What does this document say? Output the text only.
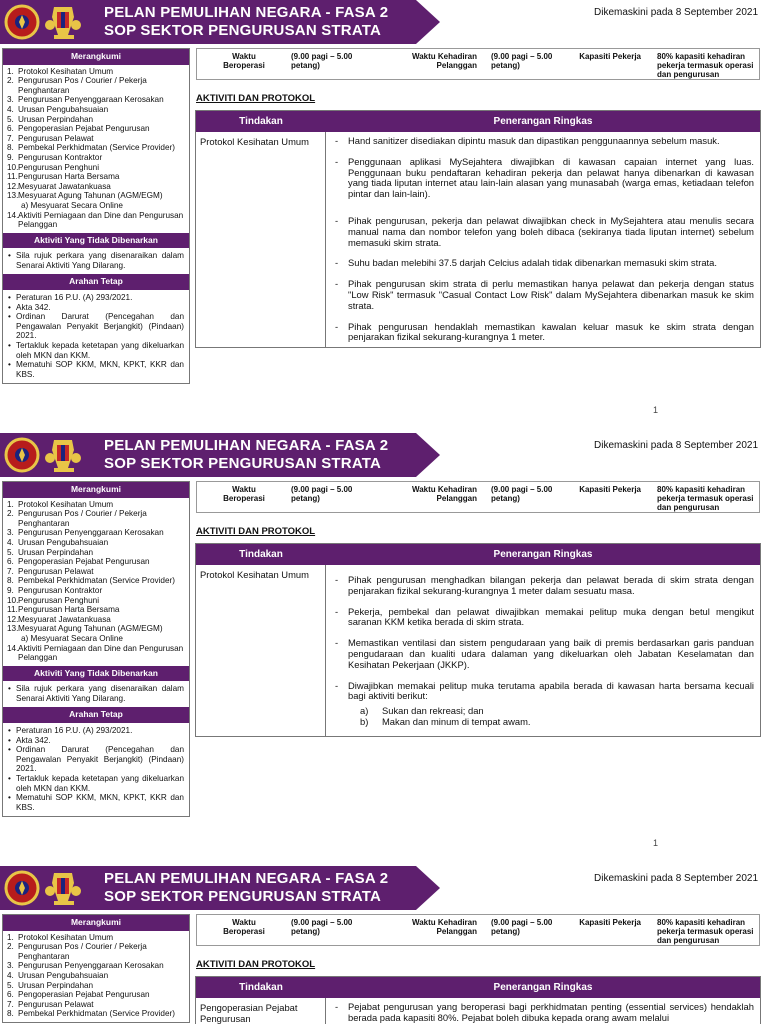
PELAN PEMULIHAN NEGARA - FASA 2
SOP SEKTOR PENGURUSAN STRATA
Dikemaskini pada 8 September 2021
Merangkumi
1. Protokol Kesihatan Umum
2. Pengurusan Pos / Courier / Pekerja Penghantaran
3. Pengurusan Penyenggaraan Kerosakan
4. Urusan Pengubahsuaian
5. Urusan Perpindahan
6. Pengoperasian Pejabat Pengurusan
7. Pengurusan Pelawat
8. Pembekal Perkhidmatan (Service Provider)
9. Pengurusan Kontraktor
10. Pengurusan Penghuni
11. Pengurusan Harta Bersama
12. Mesyuarat Jawatankuasa
13. Mesyuarat Agung Tahunan (AGM/EGM)
a) Mesyuarat Secara Online
14. Aktiviti Perniagaan dan Dine dan Pengurusan Pelanggan
Aktiviti Yang Tidak Dibenarkan
• Sila rujuk perkara yang disenaraikan dalam Senarai Aktiviti Yang Dilarang.
Arahan Tetap
• Peraturan 16 P.U. (A) 293/2021.
• Akta 342.
• Ordinan Darurat (Pencegahan dan Pengawalan Penyakit Berjangkit) (Pindaan) 2021.
• Tertakluk kepada ketetapan yang dikeluarkan oleh MKN dan KKM.
• Mematuhi SOP KKM, MKN, KPKT, KKR dan KBS.
Waktu Beroperasi
(9.00 pagi – 5.00 petang)
Waktu Kehadiran Pelanggan
(9.00 pagi – 5.00 petang)
Kapasiti Pekerja 80% kapasiti kehadiran pekerja termasuk operasi dan pengurusan
AKTIVITI DAN PROTOKOL
Tindakan	Penerangan Ringkas
Protokol Kesihatan Umum	- Hand sanitizer disediakan dipintu masuk dan dipastikan penggunaannya sebelum masuk.
- Penggunaan aplikasi MySejahtera diwajibkan di kawasan capaian internet yang luas. Penggunaan buku pendaftaran kehadiran pekerja dan pelawat hanya dibenarkan di kawasan yang tiada liputan internet atau lain-lain alasan yang munasabah (warga emas, ketiadaan telefon pintar dan lain-lain).
- Pihak pengurusan, pekerja dan pelawat diwajibkan check in MySejahtera atau menulis secara manual nama dan nombor telefon yang boleh dibaca (sekiranya tiada liputan internet) sebelum memasuki skim strata.
- Suhu badan melebihi 37.5 darjah Celcius adalah tidak dibenarkan memasuki skim strata.
- Pihak pengurusan skim strata di perlu memastikan hanya pelawat dan pekerja dengan status "Low Risk" termasuk "Casual Contact Low Risk" dalam MySejahtera dibenarkan masuk ke skim strata.
- Pihak pengurusan hendaklah memastikan kawalan keluar masuk ke skim strata dengan penjarakan fizikal sekurang-kurangnya 1 meter.
1
PELAN PEMULIHAN NEGARA - FASA 2
SOP SEKTOR PENGURUSAN STRATA
Dikemaskini pada 8 September 2021
Merangkumi
1. Protokol Kesihatan Umum
2. Pengurusan Pos / Courier / Pekerja Penghantaran
3. Pengurusan Penyenggaraan Kerosakan
4. Urusan Pengubahsuaian
5. Urusan Perpindahan
6. Pengoperasian Pejabat Pengurusan
7. Pengurusan Pelawat
8. Pembekal Perkhidmatan (Service Provider)
9. Pengurusan Kontraktor
10. Pengurusan Penghuni
11. Pengurusan Harta Bersama
12. Mesyuarat Jawatankuasa
13. Mesyuarat Agung Tahunan (AGM/EGM)
a) Mesyuarat Secara Online
14. Aktiviti Perniagaan dan Dine dan Pengurusan Pelanggan
Aktiviti Yang Tidak Dibenarkan
• Sila rujuk perkara yang disenaraikan dalam Senarai Aktiviti Yang Dilarang.
Arahan Tetap
• Peraturan 16 P.U. (A) 293/2021.
• Akta 342.
• Ordinan Darurat (Pencegahan dan Pengawalan Penyakit Berjangkit) (Pindaan) 2021.
• Tertakluk kepada ketetapan yang dikeluarkan oleh MKN dan KKM.
• Mematuhi SOP KKM, MKN, KPKT, KKR dan KBS.
Waktu Beroperasi
(9.00 pagi – 5.00 petang)
Waktu Kehadiran Pelanggan
(9.00 pagi – 5.00 petang)
Kapasiti Pekerja 80% kapasiti kehadiran pekerja termasuk operasi dan pengurusan
AKTIVITI DAN PROTOKOL
Tindakan	Penerangan Ringkas
Protokol Kesihatan Umum	- Pihak pengurusan menghadkan bilangan pekerja dan pelawat berada di skim strata dengan penjarakan fizikal sekurang-kurangnya 1 meter dalam sesuatu masa.
- Pekerja, pembekal dan pelawat diwajibkan memakai pelitup muka dengan betul mengikut saranan KKM ketika berada di skim strata.
- Memastikan ventilasi dan sistem pengudaraan yang baik di premis berdasarkan garis panduan pengudaraan dan kualiti udara dalaman yang dikeluarkan oleh Jabatan Keselamatan dan Kesihatan Pekerjaan (JKKP).
- Diwajibkan memakai pelitup muka terutama apabila berada di kawasan harta bersama kecuali bagi aktiviti berikut:
a) Sukan dan rekreasi; dan
b) Makan dan minum di tempat awam.
1
PELAN PEMULIHAN NEGARA - FASA 2
SOP SEKTOR PENGURUSAN STRATA
Dikemaskini pada 8 September 2021
Merangkumi
1. Protokol Kesihatan Umum
2. Pengurusan Pos / Courier / Pekerja Penghantaran
3. Pengurusan Penyenggaraan Kerosakan
4. Urusan Pengubahsuaian
5. Urusan Perpindahan
6. Pengoperasian Pejabat Pengurusan
7. Pengurusan Pelawat
8. Pembekal Perkhidmatan (Service Provider)
Waktu Beroperasi
(9.00 pagi – 5.00 petang)
Waktu Kehadiran Pelanggan
(9.00 pagi – 5.00 petang)
Kapasiti Pekerja 80% kapasiti kehadiran pekerja termasuk operasi dan pengurusan
AKTIVITI DAN PROTOKOL
Tindakan	Penerangan Ringkas
Pengoperasian Pejabat Pengurusan
- Pejabat pengurusan yang beroperasi bagi perkhidmatan penting (essential services) hendaklah berada pada kapasiti 80%. Pejabat boleh dibuka kepada orang awam melalui
